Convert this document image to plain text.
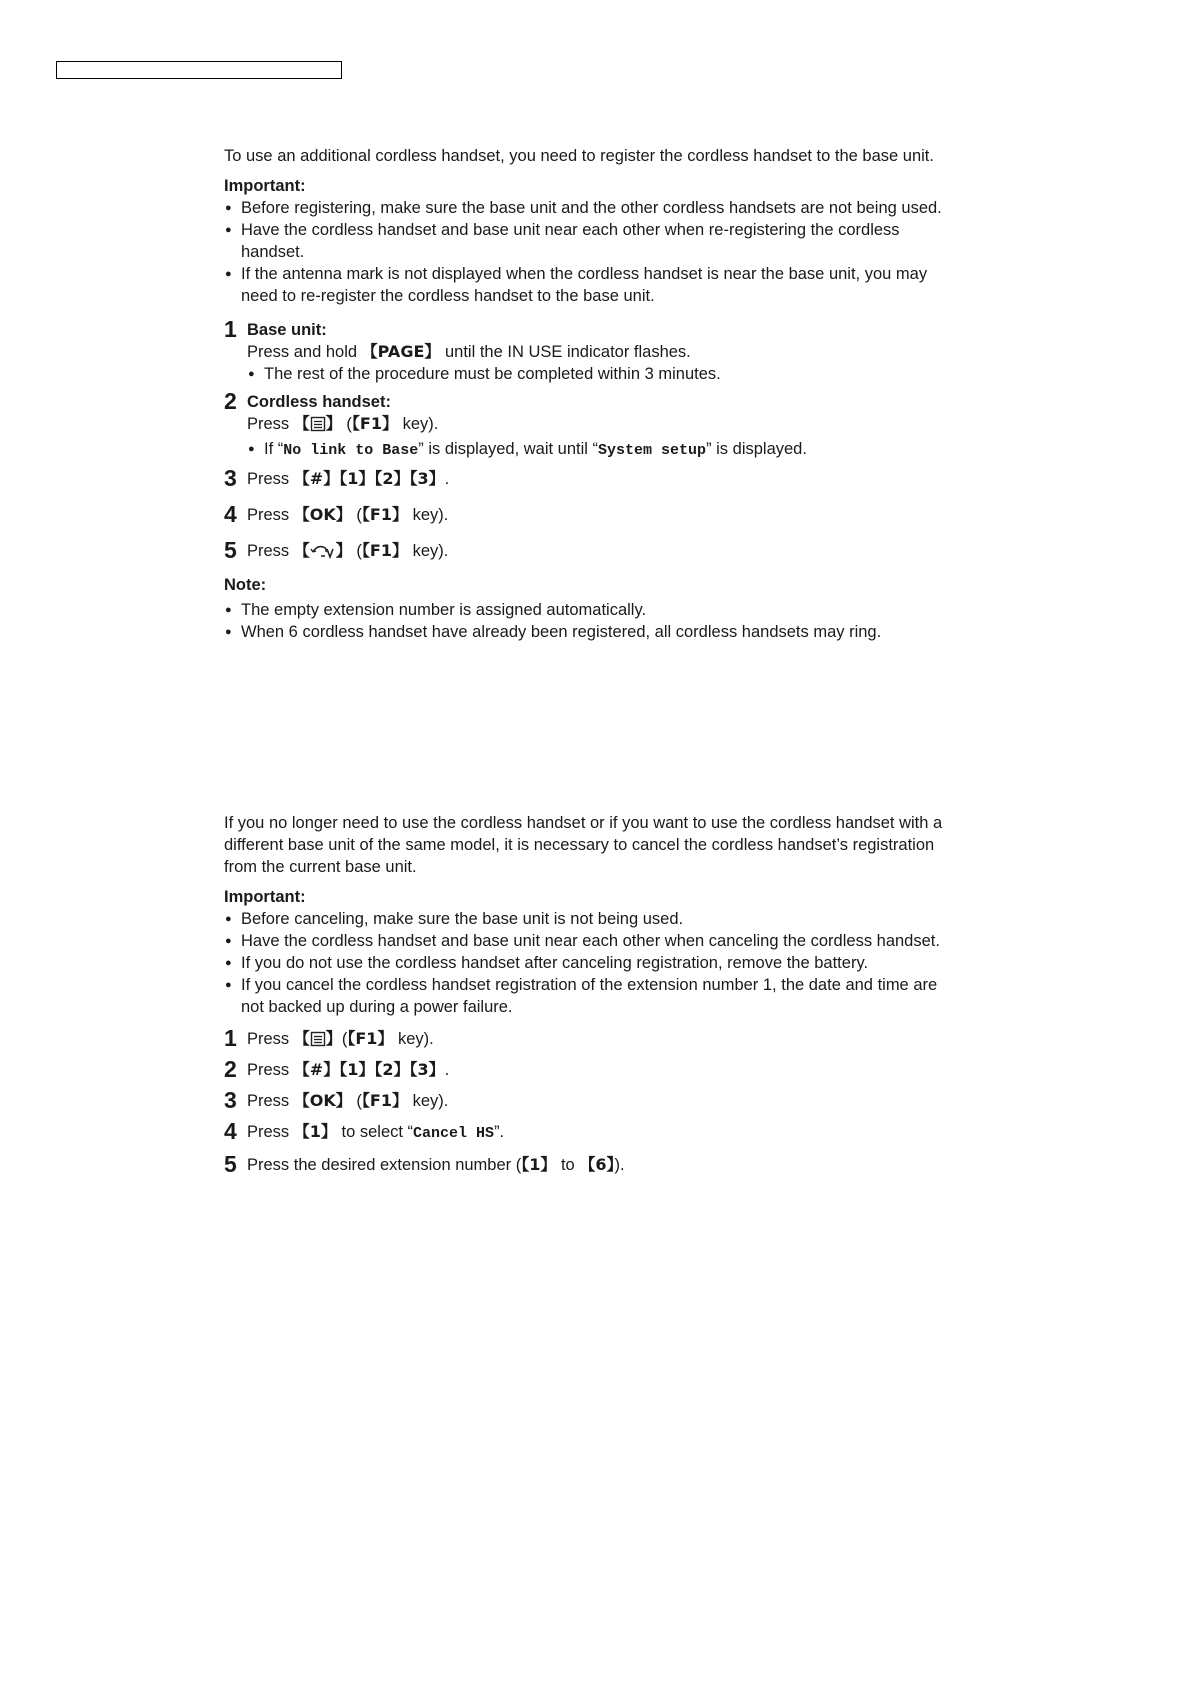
To use an additional cordless handset, you need to register the cordless handset to the base unit.

Important:

● Before registering, make sure the base unit and the other cordless handsets are not being used.
● Have the cordless handset and base unit near each other when re-registering the cordless handset.
● If the antenna mark is not displayed when the cordless handset is near the base unit, you may need to re-register the cordless handset to the base unit.
1 Base unit:
Press and hold 【PAGE】 until the IN USE indicator flashes.
● The rest of the procedure must be completed within 3 minutes.
2 Cordless handset:
Press 【 】 (【F1】 key).
● If “No link to Base” is displayed, wait until “System setup” is displayed.
3 Press 【#】【1】【2】【3】.
4 Press 【OK】 (【F1】 key).
5 Press 【 】 (【F1】 key).

Note:

● The empty extension number is assigned automatically.
● When 6 cordless handset have already been registered, all cordless handsets may ring.

If you no longer need to use the cordless handset or if you want to use the cordless handset with a different base unit of the same model, it is necessary to cancel the cordless handset’s registration from the current base unit.

Important:

● Before canceling, make sure the base unit is not being used.
● Have the cordless handset and base unit near each other when canceling the cordless handset.
● If you do not use the cordless handset after canceling registration, remove the battery.
● If you cancel the cordless handset registration of the extension number 1, the date and time are not backed up during a power failure.
1 Press 【 】(【F1】 key).
2 Press 【#】【1】【2】【3】.
3 Press 【OK】 (【F1】 key).
4 Press 【1】 to select “Cancel HS”.
5 Press the desired extension number (【1】 to 【6】).
